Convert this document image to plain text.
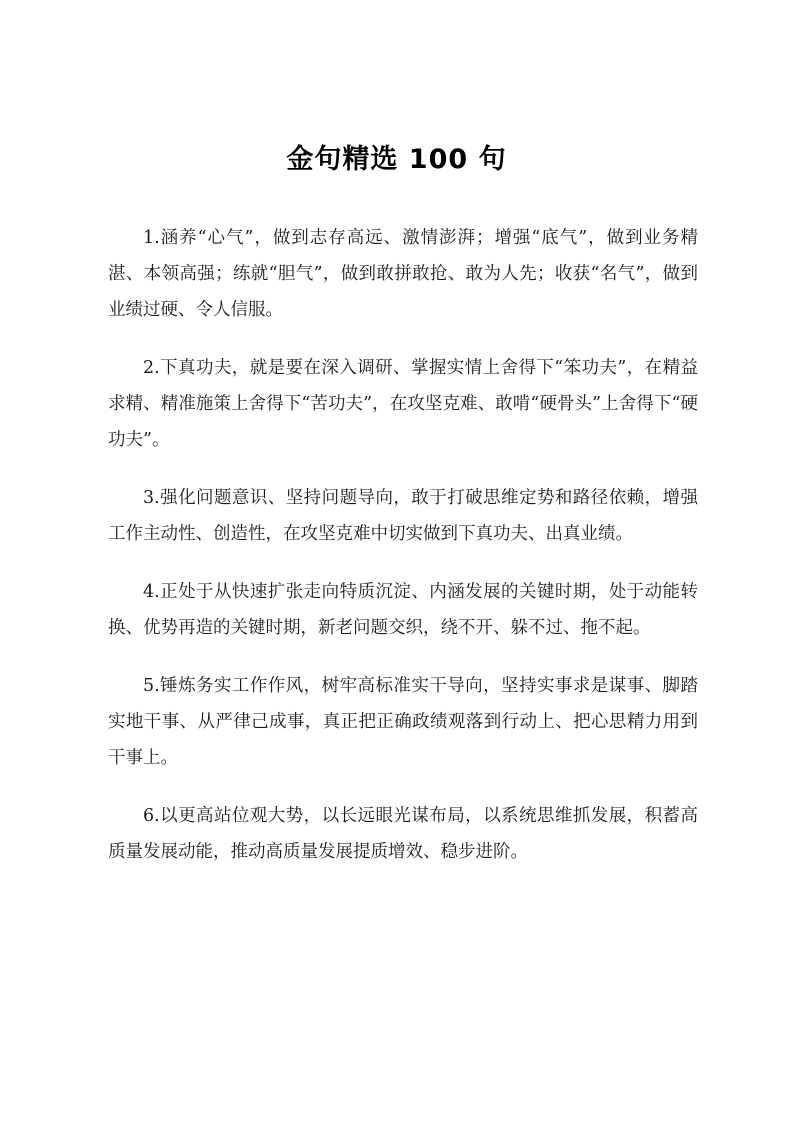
金句精选 100 句

1.涵养“心气”，做到志存高远、激情澎湃；增强“底气”，做到业务精湛、本领高强；练就“胆气”，做到敢拼敢抢、敢为人先；收获“名气”，做到业绩过硬、令人信服。

2.下真功夫，就是要在深入调研、掌握实情上舍得下“笨功夫”，在精益求精、精准施策上舍得下“苦功夫”，在攻坚克难、敢啃“硬骨头”上舍得下“硬功夫”。

3.强化问题意识、坚持问题导向，敢于打破思维定势和路径依赖，增强工作主动性、创造性，在攻坚克难中切实做到下真功夫、出真业绩。

4.正处于从快速扩张走向特质沉淀、内涵发展的关键时期，处于动能转换、优势再造的关键时期，新老问题交织，绕不开、躲不过、拖不起。

5.锤炼务实工作作风，树牢高标准实干导向，坚持实事求是谋事、脚踏实地干事、从严律己成事，真正把正确政绩观落到行动上、把心思精力用到干事上。

6.以更高站位观大势，以长远眼光谋布局，以系统思维抓发展，积蓄高质量发展动能，推动高质量发展提质增效、稳步进阶。
